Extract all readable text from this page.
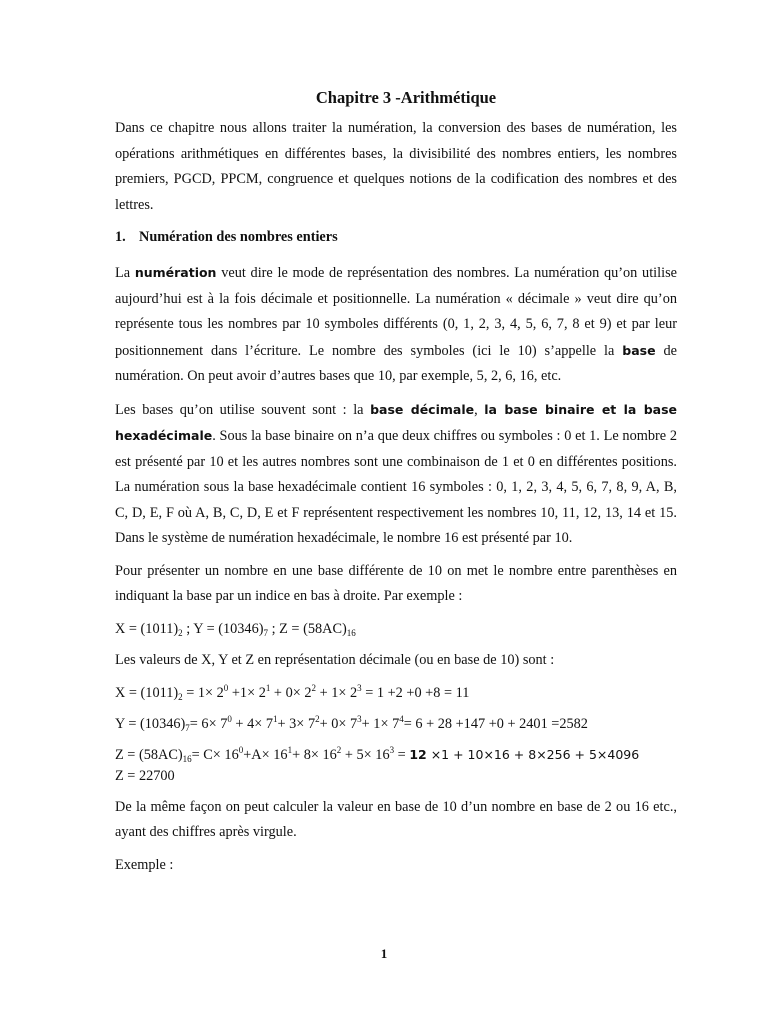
Chapitre 3 -Arithmétique

Dans ce chapitre nous allons traiter la numération, la conversion des bases de numération, les opérations arithmétiques en différentes bases, la divisibilité des nombres entiers, les nombres premiers, PGCD, PPCM, congruence et quelques notions de la codification des nombres et des lettres.

1. Numération des nombres entiers

La numération veut dire le mode de représentation des nombres. La numération qu’on utilise aujourd’hui est à la fois décimale et positionnelle. La numération « décimale » veut dire qu’on représente tous les nombres par 10 symboles différents (0, 1, 2, 3, 4, 5, 6, 7, 8 et 9) et par leur positionnement dans l’écriture. Le nombre des symboles (ici le 10) s’appelle la base de numération. On peut avoir d’autres bases que 10, par exemple, 5, 2, 6, 16, etc.

Les bases qu’on utilise souvent sont : la base décimale, la base binaire et la base hexadécimale. Sous la base binaire on n’a que deux chiffres ou symboles : 0 et 1. Le nombre 2 est présenté par 10 et les autres nombres sont une combinaison de 1 et 0 en différentes positions. La numération sous la base hexadécimale contient 16 symboles : 0, 1, 2, 3, 4, 5, 6, 7, 8, 9, A, B, C, D, E, F où A, B, C, D, E et F représentent respectivement les nombres 10, 11, 12, 13, 14 et 15. Dans le système de numération hexadécimale, le nombre 16 est présenté par 10.

Pour présenter un nombre en une base différente de 10 on met le nombre entre parenthèses en indiquant la base par un indice en bas à droite. Par exemple :

$X = (1011)_2$ ; $Y = (10346)_7$ ; $Z = (58AC)_{16}$

Les valeurs de X, Y et Z en représentation décimale (ou en base de 10) sont :

$X = (1011)_2 = 1\times 2^0 +1\times 2^1 + 0\times 2^2 + 1\times 2^3 = 1 +2 +0 +8 = 11$
$Y = (10346)_7= 6\times 7^0 + 4\times 7^1+ 3\times 7^2+ 0\times 7^3+ 1\times 7^4= 6 + 28 +147 +0 + 2401 =2582$
$Z = (58AC)_{16}= C\times 16^0+A\times 16^1+ 8\times 16^2 + 5\times 16^3 = 12 \times 1 + 10\times 16 + 8\times 256 + 5\times 4096$
Z = 22700

De la même façon on peut calculer la valeur en base de 10 d’un nombre en base de 2 ou 16 etc., ayant des chiffres après virgule.

Exemple :

1
